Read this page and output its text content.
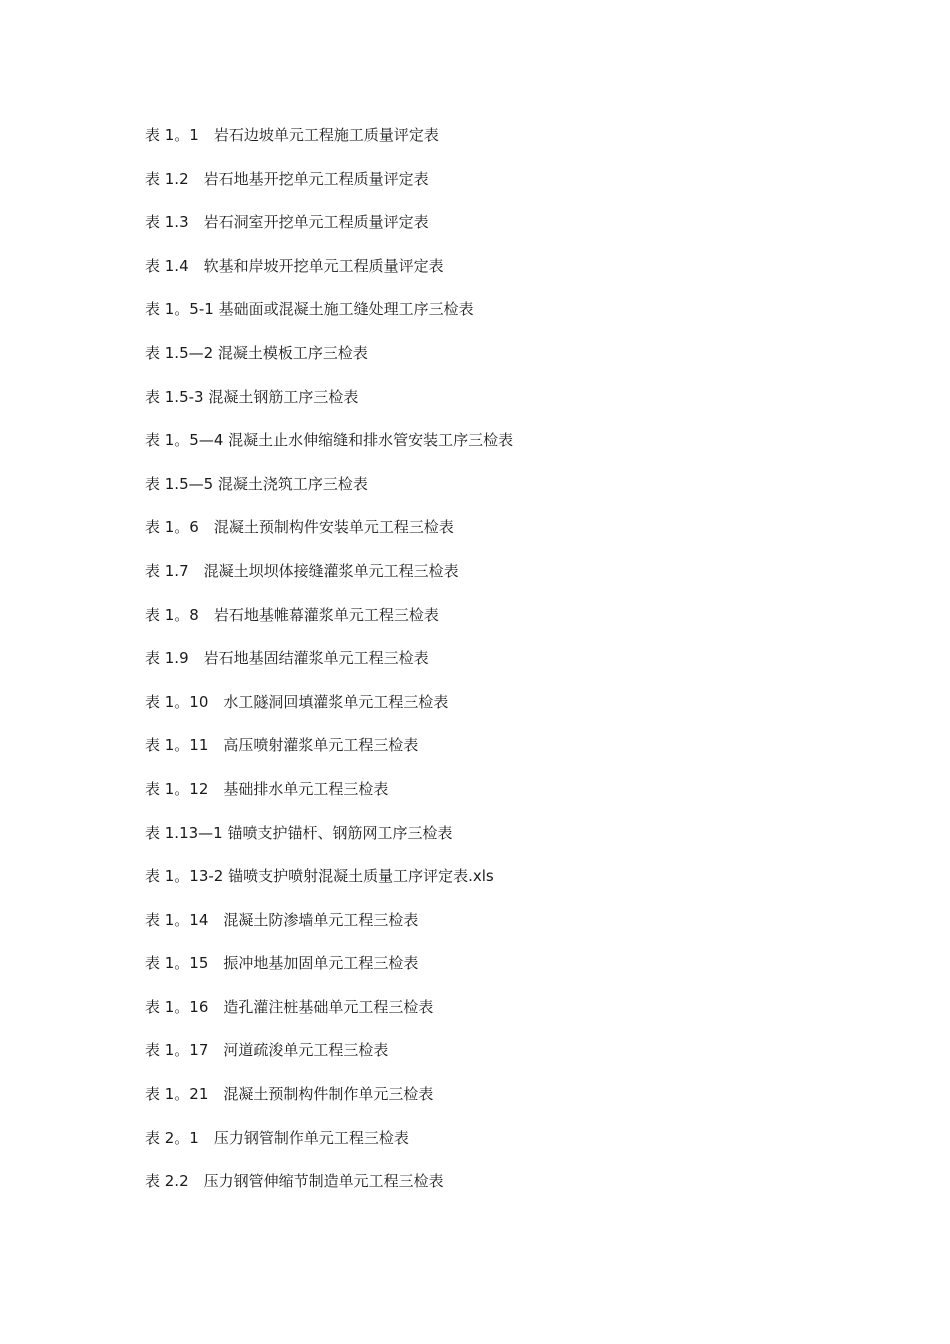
表 1。1　岩石边坡单元工程施工质量评定表
表 1.2　岩石地基开挖单元工程质量评定表
表 1.3　岩石洞室开挖单元工程质量评定表
表 1.4　软基和岸坡开挖单元工程质量评定表
表 1。5-1 基础面或混凝土施工缝处理工序三检表
表 1.5—2 混凝土模板工序三检表
表 1.5-3 混凝土钢筋工序三检表
表 1。5—4 混凝土止水伸缩缝和排水管安装工序三检表
表 1.5—5 混凝土浇筑工序三检表
表 1。6　混凝土预制构件安装单元工程三检表
表 1.7　混凝土坝坝体接缝灌浆单元工程三检表
表 1。8　岩石地基帷幕灌浆单元工程三检表
表 1.9　岩石地基固结灌浆单元工程三检表
表 1。10　水工隧洞回填灌浆单元工程三检表
表 1。11　高压喷射灌浆单元工程三检表
表 1。12　基础排水单元工程三检表
表 1.13—1 锚喷支护锚杆、钢筋网工序三检表
表 1。13-2 锚喷支护喷射混凝土质量工序评定表.xls
表 1。14　混凝土防渗墙单元工程三检表
表 1。15　振冲地基加固单元工程三检表
表 1。16　造孔灌注桩基础单元工程三检表
表 1。17　河道疏浚单元工程三检表
表 1。21　混凝土预制构件制作单元三检表
表 2。1　压力钢管制作单元工程三检表
表 2.2　压力钢管伸缩节制造单元工程三检表
